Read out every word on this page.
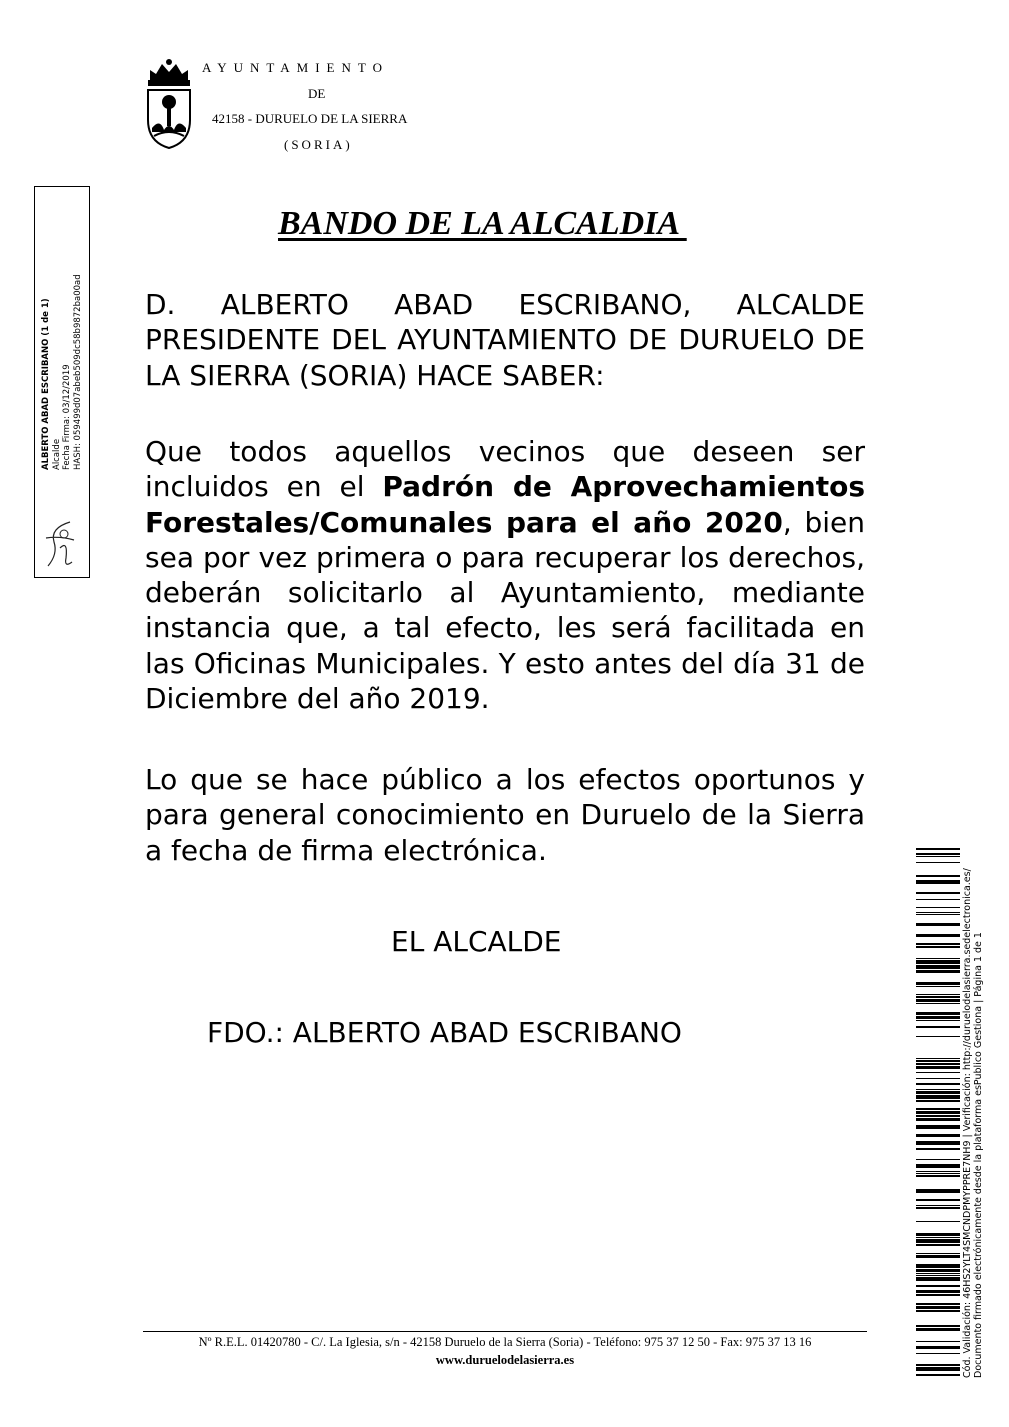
AYUNTAMIENTO
DE
42158 - DURUELO DE LA SIERRA
(SORIA)
ALBERTO ABAD ESCRIBANO (1 de 1) Alcalde Fecha Firma: 03/12/2019 HASH: 059499d07abeb509dc58b9872ba00ad
BANDO DE LA ALCALDIA
D. ALBERTO ABAD ESCRIBANO, ALCALDE PRESIDENTE DEL AYUNTAMIENTO DE DURUELO DE LA SIERRA (SORIA) HACE SABER:
Que todos aquellos vecinos que deseen ser incluidos en el Padrón de Aprovechamientos Forestales/Comunales para el año 2020, bien sea por vez primera o para recuperar los derechos, deberán solicitarlo al Ayuntamiento, mediante instancia que, a tal efecto, les será facilitada en las Oficinas Municipales. Y esto antes del día 31 de Diciembre del año 2019.
Lo que se hace público a los efectos oportunos y para general conocimiento en Duruelo de la Sierra a fecha de firma electrónica.
EL ALCALDE
FDO.: ALBERTO ABAD ESCRIBANO
Nº R.E.L. 01420780 - C/. La Iglesia, s/n - 42158 Duruelo de la Sierra (Soria) - Teléfono: 975 37 12 50 - Fax: 975 37 13 16
www.duruelodelasierra.es	Cód. Validación: 46HS2YLT4SMCNDPMYPPRE7NH9 | Verificación: http://duruelodelasierra.sedelectronica.es/ Documento firmado electrónicamente desde la plataforma esPublico Gestiona | Página 1 de 1
